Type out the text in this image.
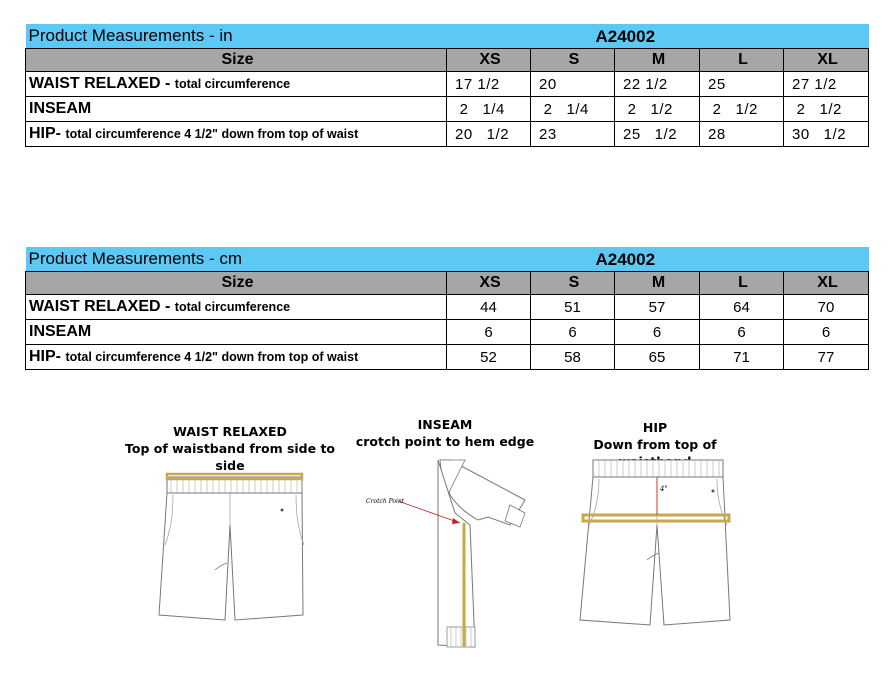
Product Measurements - in			A24002		

Size	XS	S	M	L	XL
WAIST RELAXED - total circumference	17 1/2	20	22 1/2	25	27 1/2
INSEAM	2   1/4	2   1/4	2   1/2	2   1/2	2   1/2
HIP- total circumference 4 1/2" down from top of waist	20   1/2	23	25   1/2	28	30   1/2
Product Measurements - cm			A24002		

Size	XS	S	M	L	XL
WAIST RELAXED - total circumference	44	51	57	64	70
INSEAM	6	6	6	6	6
HIP- total circumference 4 1/2" down from top of waist	52	58	65	71	77
WAIST RELAXED
Top of waistband from side to side
INSEAM
crotch point to hem edge
HIP
Down from top of
Crotch Point
4"
